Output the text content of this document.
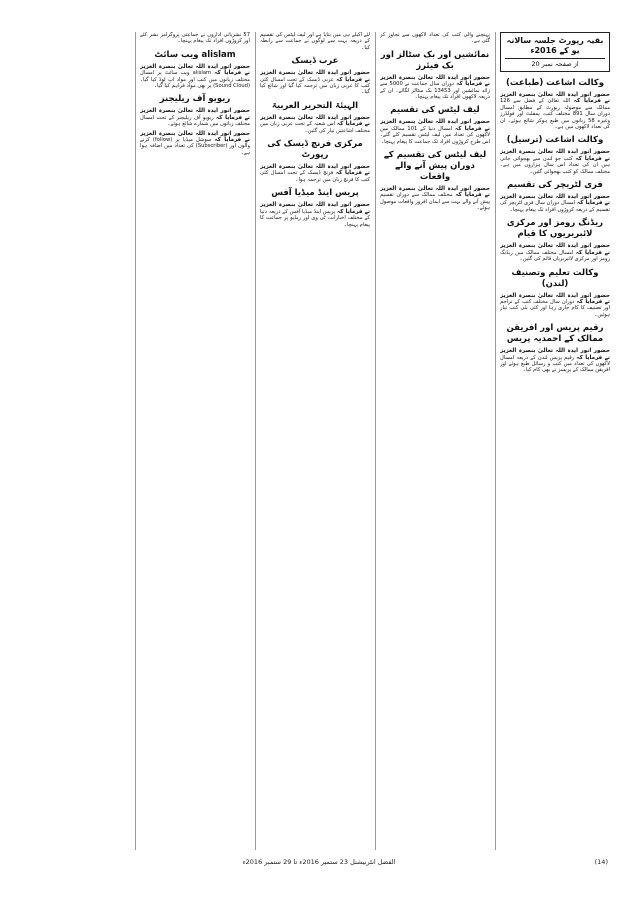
بقیہ رپورٹ جلسہ سالانہ یو کے 2016ء
از صفحہ نمبر 20
وکالت اشاعت (طباعت)

حضور انور ایدہ اللہ تعالیٰ بنصرہ العزیز نے فرمایا کہ اللہ تعالیٰ کے فضل سے 126 ممالک سے موصولہ رپورٹ کے مطابق امسال دوران سال 891 مختلف کتب، پمفلٹ اور فولڈرز وغیرہ 58 زبانوں میں طبع ہوکر شائع ہوئے۔ ان کی تعداد لاکھوں میں ہے۔

وکالت اشاعت (ترسیل)

حضور انور ایدہ اللہ تعالیٰ بنصرہ العزیز نے فرمایا کہ کتب جو لندن سے بھجوائی جاتی ہیں ان کی تعداد اس سال ہزاروں میں ہے۔ مختلف ممالک کو کتب بھجوائی گئیں۔

فری لٹریچر کی تقسیم

حضور انور ایدہ اللہ تعالیٰ بنصرہ العزیز نے فرمایا کہ امسال دوران سال فری لٹریچر کی تقسیم کے ذریعہ کروڑوں افراد تک پیغام پہنچا۔

ریڈنگ رومز اور مرکزی لائبریریوں کا قیام

حضور انور ایدہ اللہ تعالیٰ بنصرہ العزیز نے فرمایا کہ امسال مختلف ممالک میں ریڈنگ رومز اور مرکزی لائبریریاں قائم کی گئیں۔

وکالت تعلیم وتصنیف (لندن)

حضور انور ایدہ اللہ تعالیٰ بنصرہ العزیز نے فرمایا کہ دوران سال مختلف کتب کے تراجم اور تصنیف کا کام جاری رہا اور کئی نئی کتب تیار ہوئیں۔

رقیم پریس اور افریقن ممالک کے احمدیہ پریس

حضور انور ایدہ اللہ تعالیٰ بنصرہ العزیز نے فرمایا کہ رقیم پریس لندن کے ذریعہ امسال لاکھوں کی تعداد میں کتب و رسائل طبع ہوئے اور افریقن ممالک کے پریسز نے بھی کام کیا۔

پہنچنے والی کتب کی تعداد لاکھوں سے تجاوز کر گئی ہے۔

نمائشیں اور بک سٹالز اور بک فیئرز

حضور انور ایدہ اللہ تعالیٰ بنصرہ العزیز نے فرمایا کہ دوران سال جماعت نے 5000 سے زائد نمائشیں اور 13453 بک سٹالز لگائے۔ ان کے ذریعہ لاکھوں افراد تک پیغام پہنچا۔

لیف لیٹس کی تقسیم

حضور انور ایدہ اللہ تعالیٰ بنصرہ العزیز نے فرمایا کہ امسال دنیا کے 101 ممالک میں لاکھوں کی تعداد میں لیف لیٹس تقسیم کئے گئے۔ اس طرح کروڑوں افراد تک جماعت کا پیغام پہنچا۔

لیف لیٹس کی تقسیم کے دوران پیش آنے والے واقعات

حضور انور ایدہ اللہ تعالیٰ بنصرہ العزیز نے فرمایا کہ مختلف ممالک سے دوران تقسیم پیش آنے والے بہت سے ایمان افروز واقعات موصول ہوئے۔

لئے آکیلے ہی میں بتایا ہے اور لیف لیٹس کی تقسیم کے ذریعہ بہت سے لوگوں نے جماعت سے رابطہ کیا۔

عرب ڈیسک

حضور انور ایدہ اللہ تعالیٰ بنصرہ العزیز نے فرمایا کہ عربی ڈیسک کے تحت امسال کئی کتب کا عربی زبان میں ترجمہ کیا گیا اور شائع کیا گیا۔

الہیئۃ التحریر العربیۃ

حضور انور ایدہ اللہ تعالیٰ بنصرہ العزیز نے فرمایا کہ اس شعبہ کے تحت عربی زبان میں مختلف اشاعتیں تیار کی گئیں۔

مرکزی فرنچ ڈیسک کی رپورٹ

حضور انور ایدہ اللہ تعالیٰ بنصرہ العزیز نے فرمایا کہ فرنچ ڈیسک کے تحت امسال کئی کتب کا فرنچ زبان میں ترجمہ ہوا۔

پریس اینڈ میڈیا آفس

حضور انور ایدہ اللہ تعالیٰ بنصرہ العزیز نے فرمایا کہ پریس اینڈ میڈیا آفس کے ذریعہ دنیا کے مختلف اخبارات، ٹی وی اور ریڈیو پر جماعت کا پیغام پہنچا۔

57 نشریاتی اداروں نے جماعتی پروگرامز نشر کئے اور کروڑوں افراد تک پیغام پہنچا۔

alislam ویب سائٹ

حضور انور ایدہ اللہ تعالیٰ بنصرہ العزیز نے فرمایا کہ alislam ویب سائٹ پر امسال مختلف زبانوں میں کتب اور مواد اپ لوڈ کیا گیا۔ (Sound Cloud) پر بھی مواد فراہم کیا گیا۔

ریویو آف ریلیجنز

حضور انور ایدہ اللہ تعالیٰ بنصرہ العزیز نے فرمایا کہ ریویو آف ریلیجنز کے تحت امسال مختلف زبانوں میں شمارے شائع ہوئے۔

حضور انور ایدہ اللہ تعالیٰ بنصرہ العزیز نے فرمایا کہ سوشل میڈیا پر (follow) کرنے والوں اور (Subscriber) کی تعداد میں اضافہ ہوا ہے۔

(14)
الفضل انٹرنیشنل 23 ستمبر 2016ء تا 29 ستمبر 2016ء
